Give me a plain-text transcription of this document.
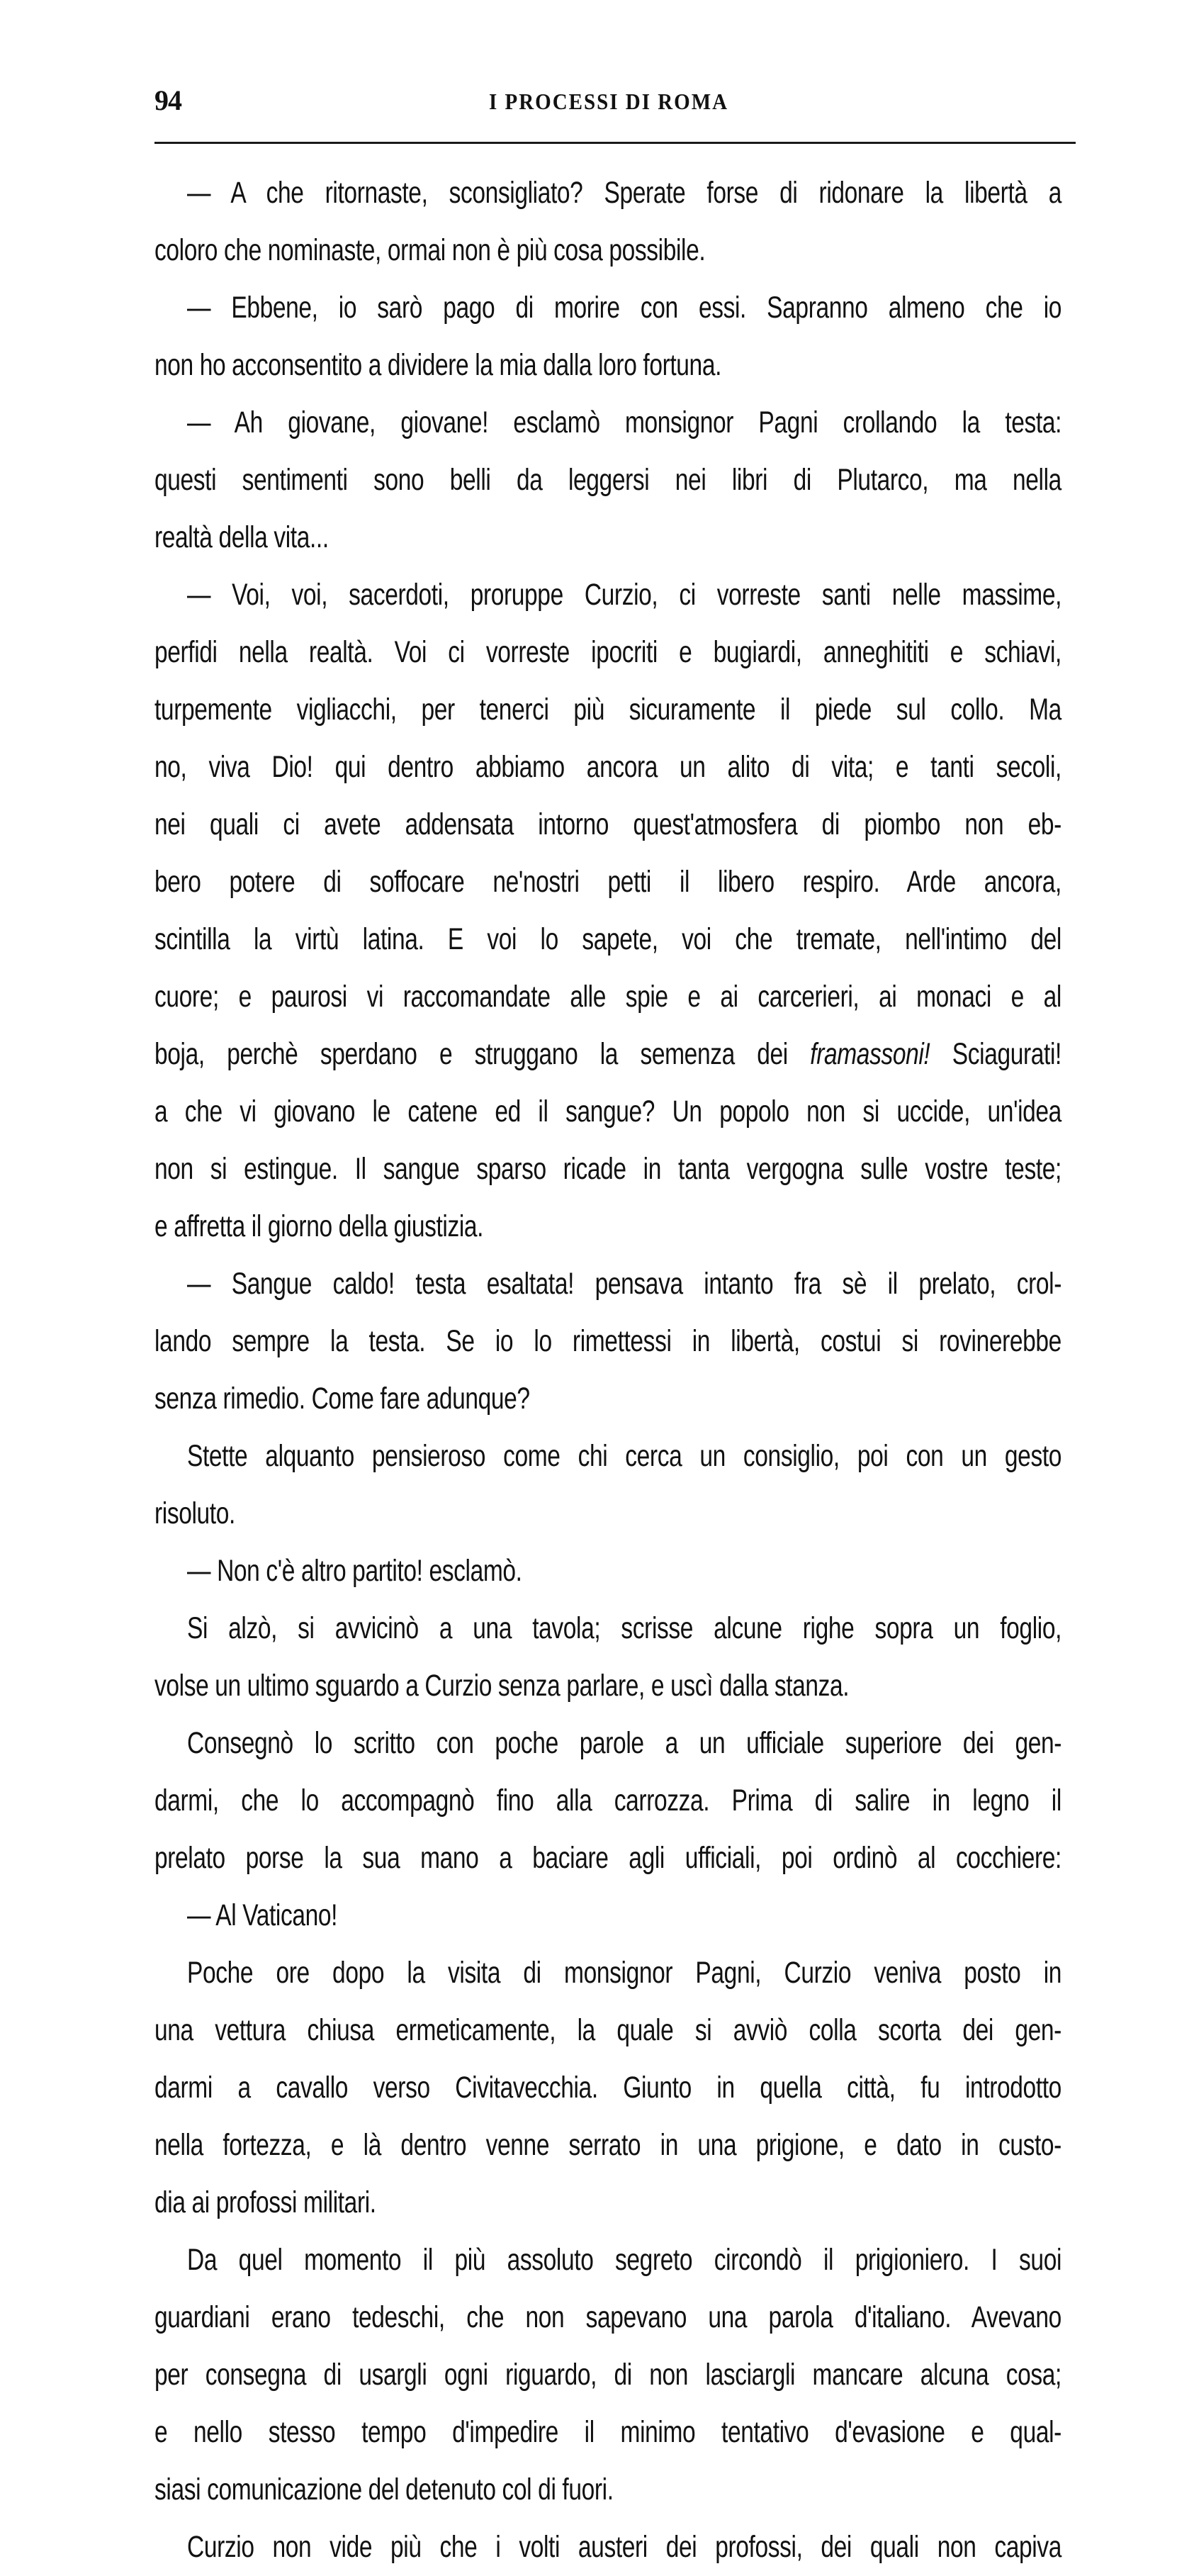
94	I PROCESSI DI ROMA
— A che ritornaste, sconsigliato? Sperate forse di ridonare la libertà a
coloro che nominaste, ormai non è più cosa possibile.
— Ebbene, io sarò pago di morire con essi. Sapranno almeno che io
non ho acconsentito a dividere la mia dalla loro fortuna.
— Ah giovane, giovane! esclamò monsignor Pagni crollando la testa:
questi sentimenti sono belli da leggersi nei libri di Plutarco, ma nella
realtà della vita...
— Voi, voi, sacerdoti, proruppe Curzio, ci vorreste santi nelle massime,
perfidi nella realtà. Voi ci vorreste ipocriti e bugiardi, anneghititi e schiavi,
turpemente vigliacchi, per tenerci più sicuramente il piede sul collo. Ma
no, viva Dio! qui dentro abbiamo ancora un alito di vita; e tanti secoli,
nei quali ci avete addensata intorno quest'atmosfera di piombo non eb-
bero potere di soffocare ne'nostri petti il libero respiro. Arde ancora,
scintilla la virtù latina. E voi lo sapete, voi che tremate, nell'intimo del
cuore; e paurosi vi raccomandate alle spie e ai carcerieri, ai monaci e al
boja, perchè sperdano e struggano la semenza dei framassoni! Sciagurati!
a che vi giovano le catene ed il sangue? Un popolo non si uccide, un'idea
non si estingue. Il sangue sparso ricade in tanta vergogna sulle vostre teste;
e affretta il giorno della giustizia.
— Sangue caldo! testa esaltata! pensava intanto fra sè il prelato, crol-
lando sempre la testa. Se io lo rimettessi in libertà, costui si rovinerebbe
senza rimedio. Come fare adunque?
Stette alquanto pensieroso come chi cerca un consiglio, poi con un gesto
risoluto.
— Non c'è altro partito! esclamò.
Si alzò, si avvicinò a una tavola; scrisse alcune righe sopra un foglio,
volse un ultimo sguardo a Curzio senza parlare, e uscì dalla stanza.
Consegnò lo scritto con poche parole a un ufficiale superiore dei gen-
darmi, che lo accompagnò fino alla carrozza. Prima di salire in legno il
prelato porse la sua mano a baciare agli ufficiali, poi ordinò al cocchiere:
— Al Vaticano!
Poche ore dopo la visita di monsignor Pagni, Curzio veniva posto in
una vettura chiusa ermeticamente, la quale si avviò colla scorta dei gen-
darmi a cavallo verso Civitavecchia. Giunto in quella città, fu introdotto
nella fortezza, e là dentro venne serrato in una prigione, e dato in custo-
dia ai profossi militari.
Da quel momento il più assoluto segreto circondò il prigioniero. I suoi
guardiani erano tedeschi, che non sapevano una parola d'italiano. Avevano
per consegna di usargli ogni riguardo, di non lasciargli mancare alcuna cosa;
e nello stesso tempo d'impedire il minimo tentativo d'evasione e qual-
siasi comunicazione del detenuto col di fuori.
Curzio non vide più che i volti austeri dei profossi, dei quali non capiva
